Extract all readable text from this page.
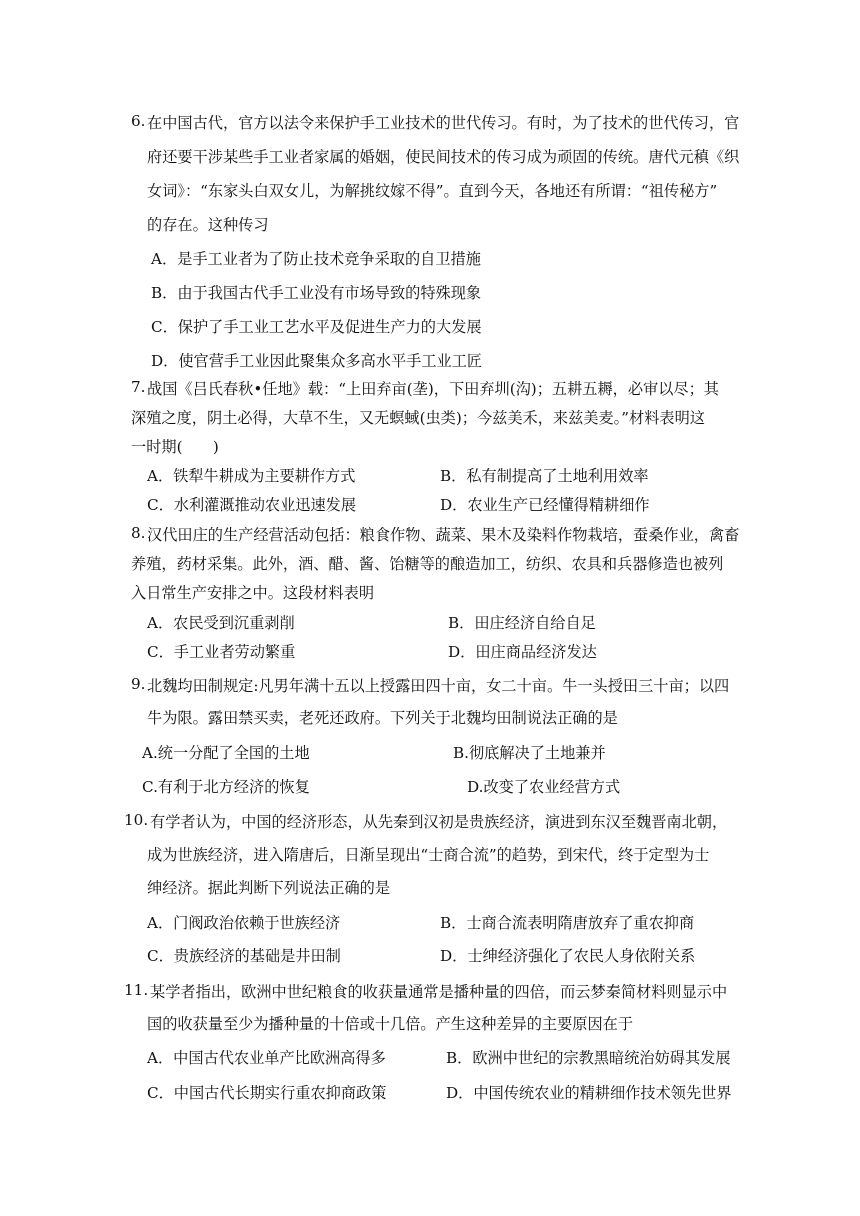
6. 在中国古代，官方以法令来保护手工业技术的世代传习。有时，为了技术的世代传习，官
府还要干涉某些手工业者家属的婚姻，使民间技术的传习成为顽固的传统。唐代元稹《织
女词》：“东家头白双女儿，为解挑纹嫁不得”。直到今天，各地还有所谓：“祖传秘方”
的存在。这种传习
A．是手工业者为了防止技术竞争采取的自卫措施
B．由于我国古代手工业没有市场导致的特殊现象
C．保护了手工业工艺水平及促进生产力的大发展
D．使官营手工业因此聚集众多高水平手工业工匠
7. 战国《吕氏春秋•任地》载：“上田弃亩(垄)，下田弃圳(沟)；五耕五耨，必审以尽；其
深殖之度，阴土必得，大草不生，又无螟蜮(虫类)；今兹美禾，来兹美麦。”材料表明这
一时期(　　)
A．铁犁牛耕成为主要耕作方式	B．私有制提高了土地利用效率
C．水利灌溉推动农业迅速发展	D．农业生产已经懂得精耕细作
8. 汉代田庄的生产经营活动包括：粮食作物、蔬菜、果木及染料作物栽培，蚕桑作业，禽畜
养殖，药材采集。此外，酒、醋、酱、饴糖等的酿造加工，纺织、农具和兵器修造也被列
入日常生产安排之中。这段材料表明
A．农民受到沉重剥削	B．田庄经济自给自足
C．手工业者劳动繁重	D．田庄商品经济发达
9. 北魏均田制规定:凡男年满十五以上授露田四十亩，女二十亩。牛一头授田三十亩；以四
牛为限。露田禁买卖，老死还政府。下列关于北魏均田制说法正确的是
A.统一分配了全国的土地	B.彻底解决了土地兼并
C.有利于北方经济的恢复	D.改变了农业经营方式
10. 有学者认为，中国的经济形态，从先秦到汉初是贵族经济，演进到东汉至魏晋南北朝，
成为世族经济，进入隋唐后，日渐呈现出“士商合流”的趋势，到宋代，终于定型为士
绅经济。据此判断下列说法正确的是
A．门阀政治依赖于世族经济	B．士商合流表明隋唐放弃了重农抑商
C．贵族经济的基础是井田制	D．士绅经济强化了农民人身依附关系
11. 某学者指出，欧洲中世纪粮食的收获量通常是播种量的四倍，而云梦秦简材料则显示中
国的收获量至少为播种量的十倍或十几倍。产生这种差异的主要原因在于
A．中国古代农业单产比欧洲高得多	B．欧洲中世纪的宗教黑暗统治妨碍其发展
C．中国古代长期实行重农抑商政策	D．中国传统农业的精耕细作技术领先世界
